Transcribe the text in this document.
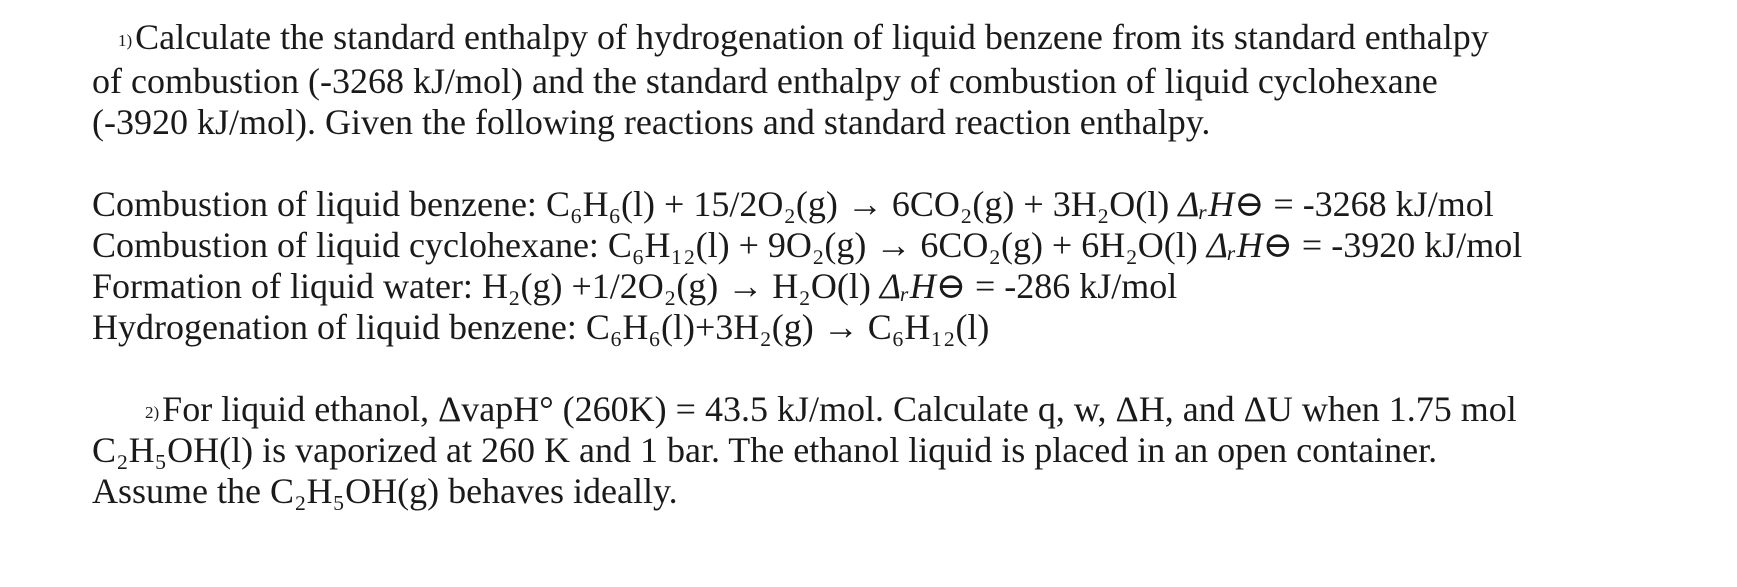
1)Calculate the standard enthalpy of hydrogenation of liquid benzene from its standard enthalpy
of combustion (-3268 kJ/mol) and the standard enthalpy of combustion of liquid cyclohexane
(-3920 kJ/mol). Given the following reactions and standard reaction enthalpy.
Combustion of liquid benzene: C₆H₆(l) + 15/2O₂(g) → 6CO₂(g) + 3H₂O(l) ΔᵣH⊖ = -3268 kJ/mol
Combustion of liquid cyclohexane: C₆H₁₂(l) + 9O₂(g) → 6CO₂(g) + 6H₂O(l) ΔᵣH⊖ = -3920 kJ/mol
Formation of liquid water: H₂(g) +1/2O₂(g) → H₂O(l) ΔᵣH⊖ = -286 kJ/mol
Hydrogenation of liquid benzene: C₆H₆(l)+3H₂(g) → C₆H₁₂(l)
2)For liquid ethanol, ΔvapH° (260K) = 43.5 kJ/mol. Calculate q, w, ΔH, and ΔU when 1.75 mol
C₂H₅OH(l) is vaporized at 260 K and 1 bar. The ethanol liquid is placed in an open container.
Assume the C₂H₅OH(g) behaves ideally.
